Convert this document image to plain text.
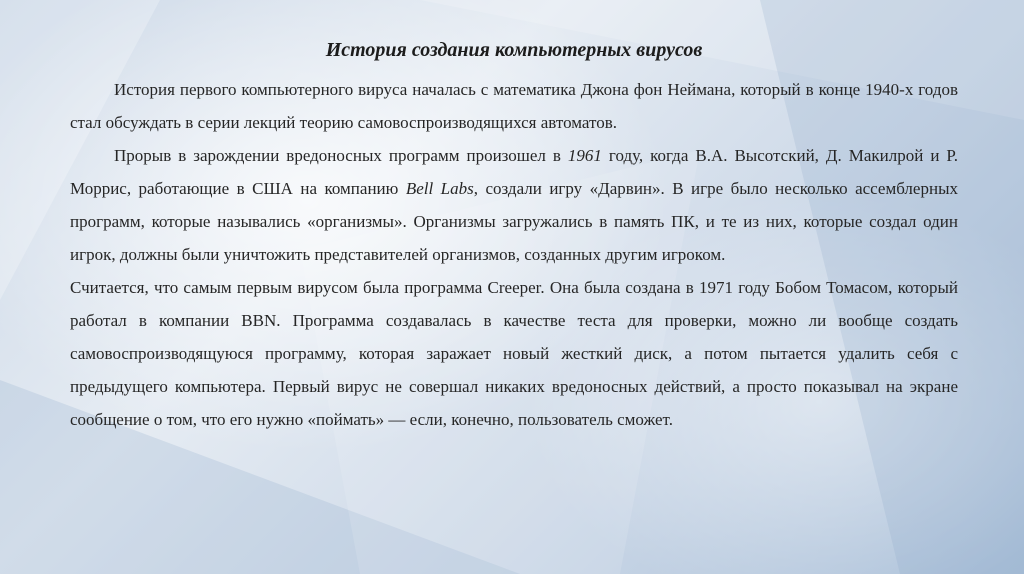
История создания компьютерных вирусов

История первого компьютерного вируса началась с математика Джона фон Неймана, который в конце 1940-х годов стал обсуждать в серии лекций теорию самовоспроизводящихся автоматов.

Прорыв в зарождении вредоносных программ произошел в 1961 году, когда В.А. Высотский, Д. Макилрой и Р. Моррис, работающие в США на компанию Bell Labs, создали игру «Дарвин». В игре было несколько ассемблерных программ, которые назывались «организмы». Организмы загружались в память ПК, и те из них, которые создал один игрок, должны были уничтожить представителей организмов, созданных другим игроком.

Считается, что самым первым вирусом была программа Creeper. Она была создана в 1971 году Бобом Томасом, который работал в компании BBN. Программа создавалась в качестве теста для проверки, можно ли вообще создать самовоспроизводящуюся программу, которая заражает новый жесткий диск, а потом пытается удалить себя с предыдущего компьютера. Первый вирус не совершал никаких вредоносных действий, а просто показывал на экране сообщение о том, что его нужно «поймать» — если, конечно, пользователь сможет.
